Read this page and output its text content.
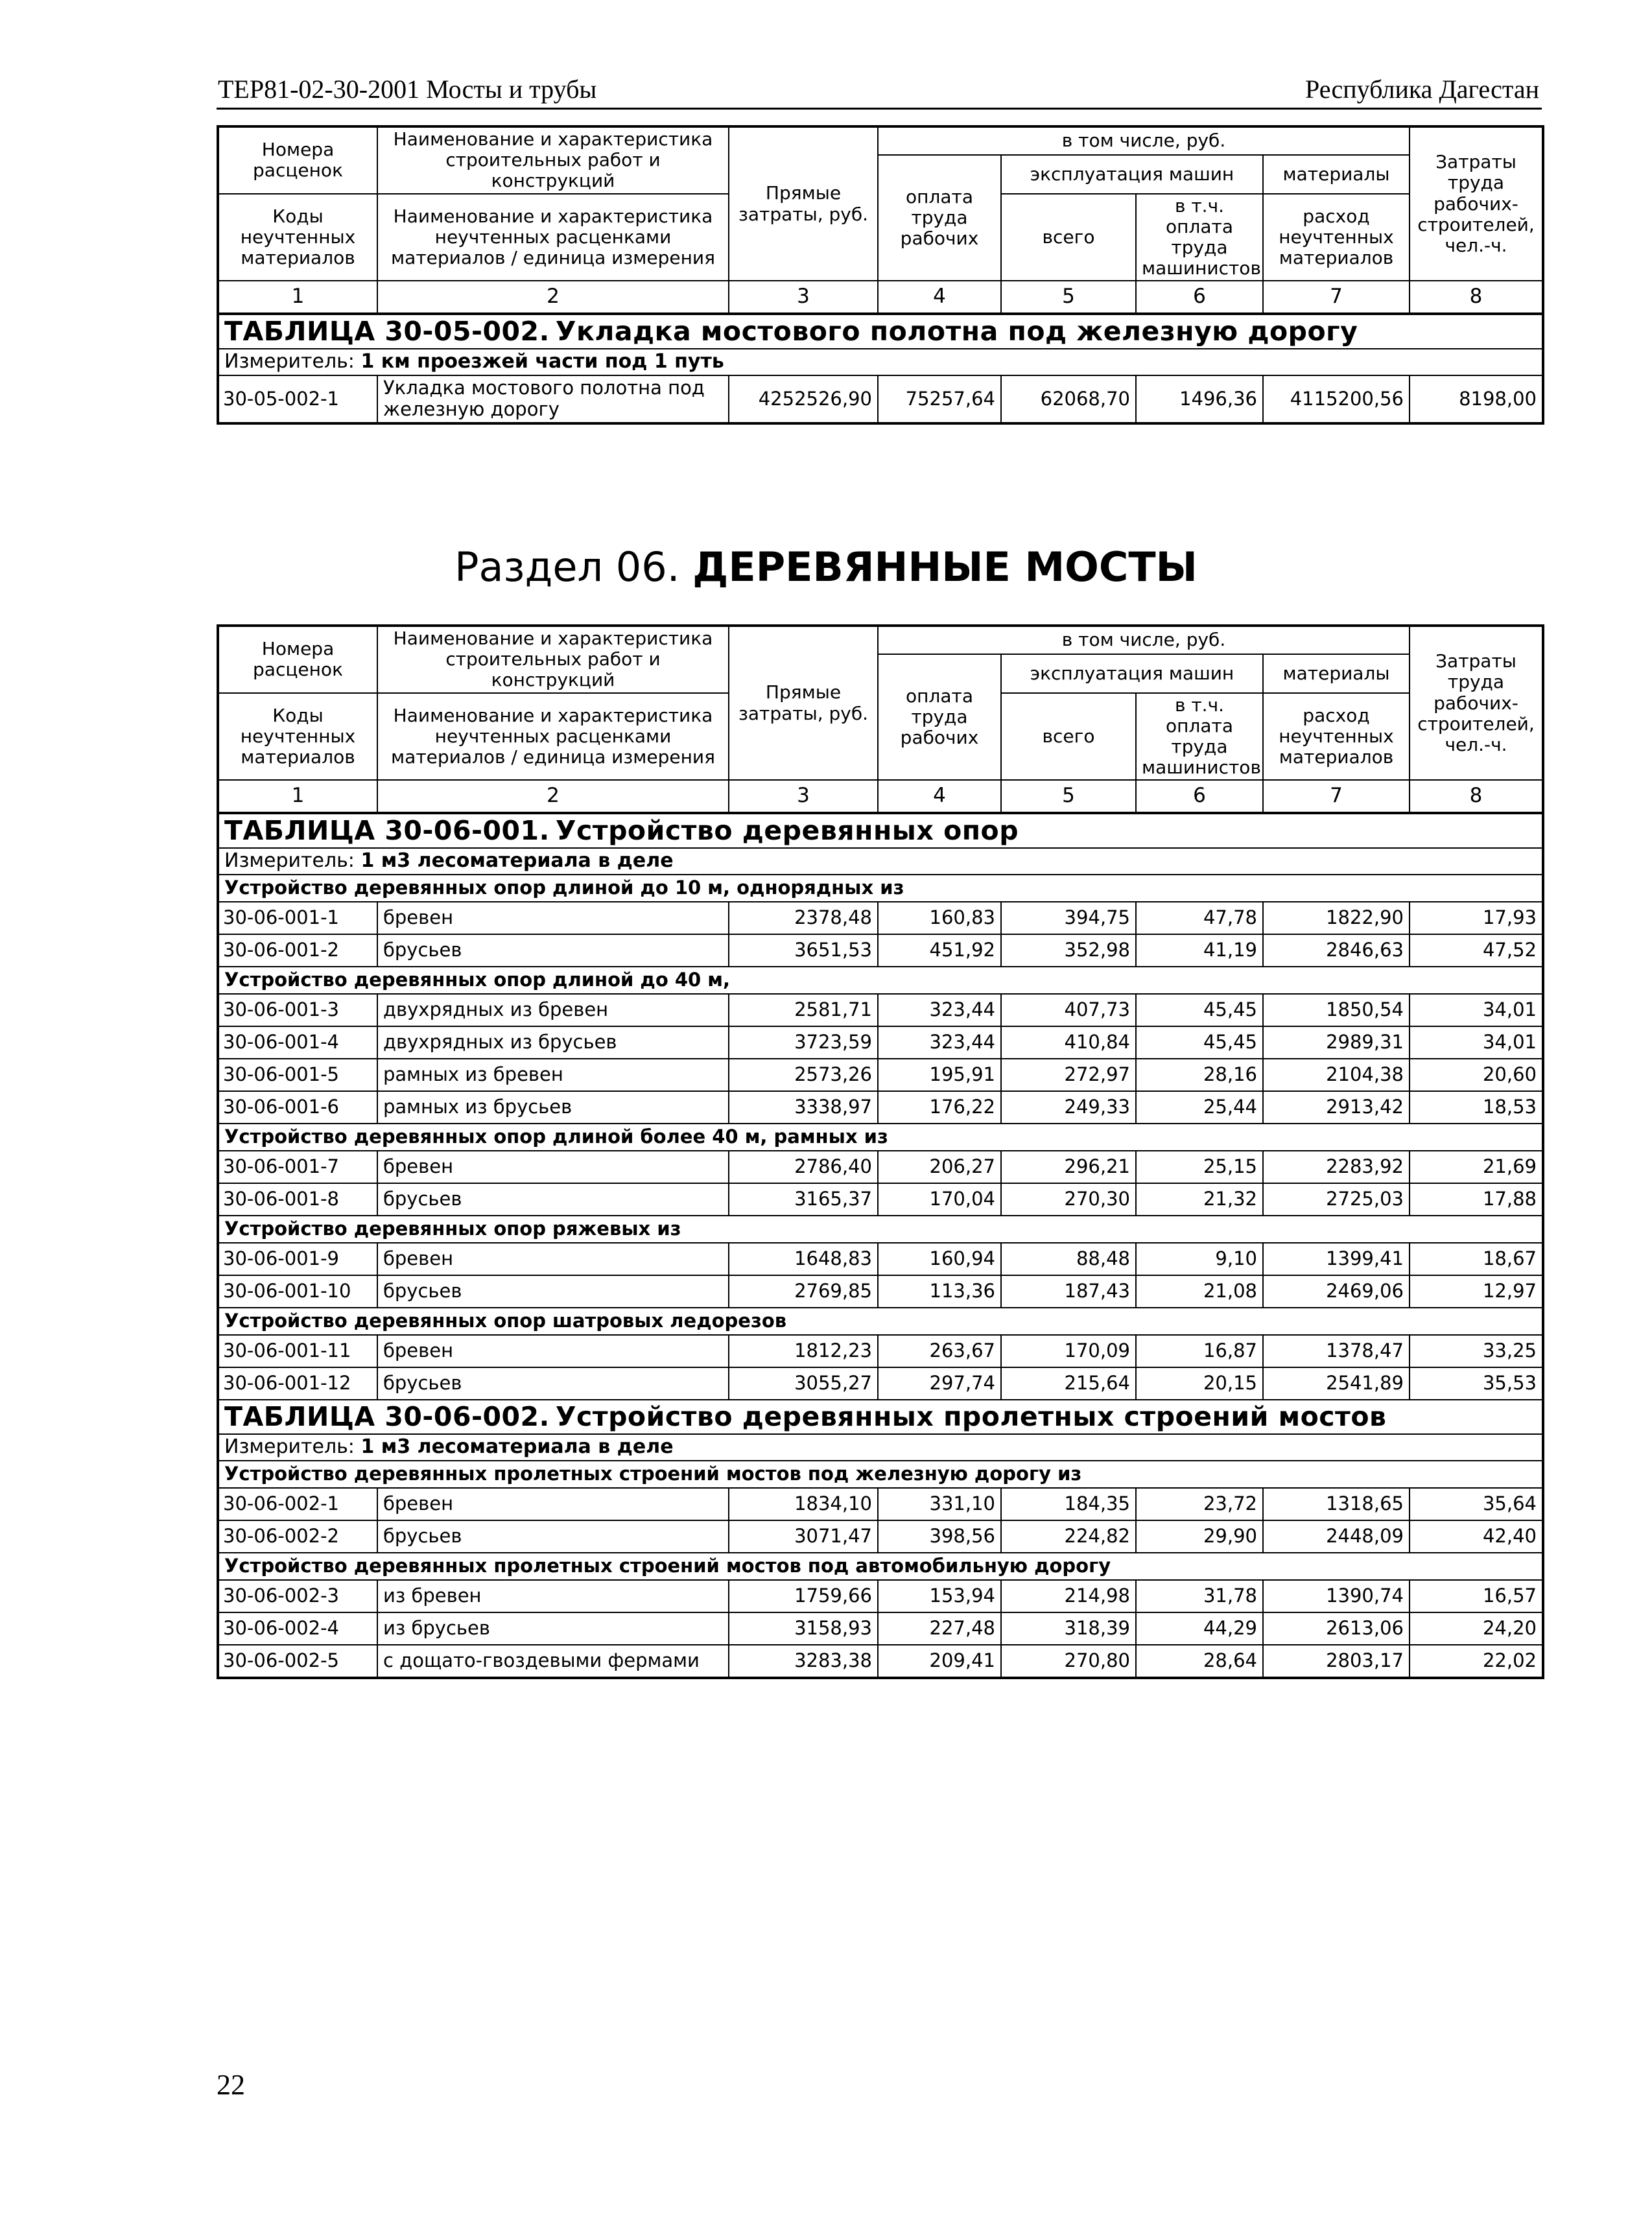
ТЕР81-02-30-2001 Мосты и трубы	Республика Дагестан
Номера расценок	Наименование и характеристика строительных работ и конструкций	Прямые затраты, руб.	в том числе, руб.				Затраты труда рабочих-строителей, чел.-ч.
			оплата труда рабочих	эксплуатация машин		материалы	
Коды неучтенных материалов	Наименование и характеристика неучтенных расценками материалов / единица измерения			всего	в т.ч. оплата труда машинистов	расход неучтенных материалов	

1	2	3	4	5	6	7	8
ТАБЛИЦА 30-05-002. Укладка мостового полотна под железную дорогу							
Измеритель: 1 км проезжей части под 1 путь							
30-05-002-1	Укладка мостового полотна под железную дорогу	4252526,90	75257,64	62068,70	1496,36	4115200,56	8198,00
Раздел 06. ДЕРЕВЯННЫЕ МОСТЫ
Номера расценок	Наименование и характеристика строительных работ и конструкций	Прямые затраты, руб.	в том числе, руб.				Затраты труда рабочих-строителей, чел.-ч.
			оплата труда рабочих	эксплуатация машин		материалы	
Коды неучтенных материалов	Наименование и характеристика неучтенных расценками материалов / единица измерения			всего	в т.ч. оплата труда машинистов	расход неучтенных материалов	

1	2	3	4	5	6	7	8
ТАБЛИЦА 30-06-001. Устройство деревянных опор							
Измеритель: 1 м3 лесоматериала в деле							
Устройство деревянных опор длиной до 10 м, однорядных из							
30-06-001-1	бревен	2378,48	160,83	394,75	47,78	1822,90	17,93
30-06-001-2	брусьев	3651,53	451,92	352,98	41,19	2846,63	47,52
Устройство деревянных опор длиной до 40 м,							
30-06-001-3	двухрядных из бревен	2581,71	323,44	407,73	45,45	1850,54	34,01
30-06-001-4	двухрядных из брусьев	3723,59	323,44	410,84	45,45	2989,31	34,01
30-06-001-5	рамных из бревен	2573,26	195,91	272,97	28,16	2104,38	20,60
30-06-001-6	рамных из брусьев	3338,97	176,22	249,33	25,44	2913,42	18,53
Устройство деревянных опор длиной более 40 м, рамных из							
30-06-001-7	бревен	2786,40	206,27	296,21	25,15	2283,92	21,69
30-06-001-8	брусьев	3165,37	170,04	270,30	21,32	2725,03	17,88
Устройство деревянных опор ряжевых из							
30-06-001-9	бревен	1648,83	160,94	88,48	9,10	1399,41	18,67
30-06-001-10	брусьев	2769,85	113,36	187,43	21,08	2469,06	12,97
Устройство деревянных опор шатровых ледорезов							
30-06-001-11	бревен	1812,23	263,67	170,09	16,87	1378,47	33,25
30-06-001-12	брусьев	3055,27	297,74	215,64	20,15	2541,89	35,53
ТАБЛИЦА 30-06-002. Устройство деревянных пролетных строений мостов							
Измеритель: 1 м3 лесоматериала в деле							
Устройство деревянных пролетных строений мостов под железную дорогу из							
30-06-002-1	бревен	1834,10	331,10	184,35	23,72	1318,65	35,64
30-06-002-2	брусьев	3071,47	398,56	224,82	29,90	2448,09	42,40
Устройство деревянных пролетных строений мостов под автомобильную дорогу							
30-06-002-3	из бревен	1759,66	153,94	214,98	31,78	1390,74	16,57
30-06-002-4	из брусьев	3158,93	227,48	318,39	44,29	2613,06	24,20
30-06-002-5	с дощато-гвоздевыми фермами	3283,38	209,41	270,80	28,64	2803,17	22,02
22
